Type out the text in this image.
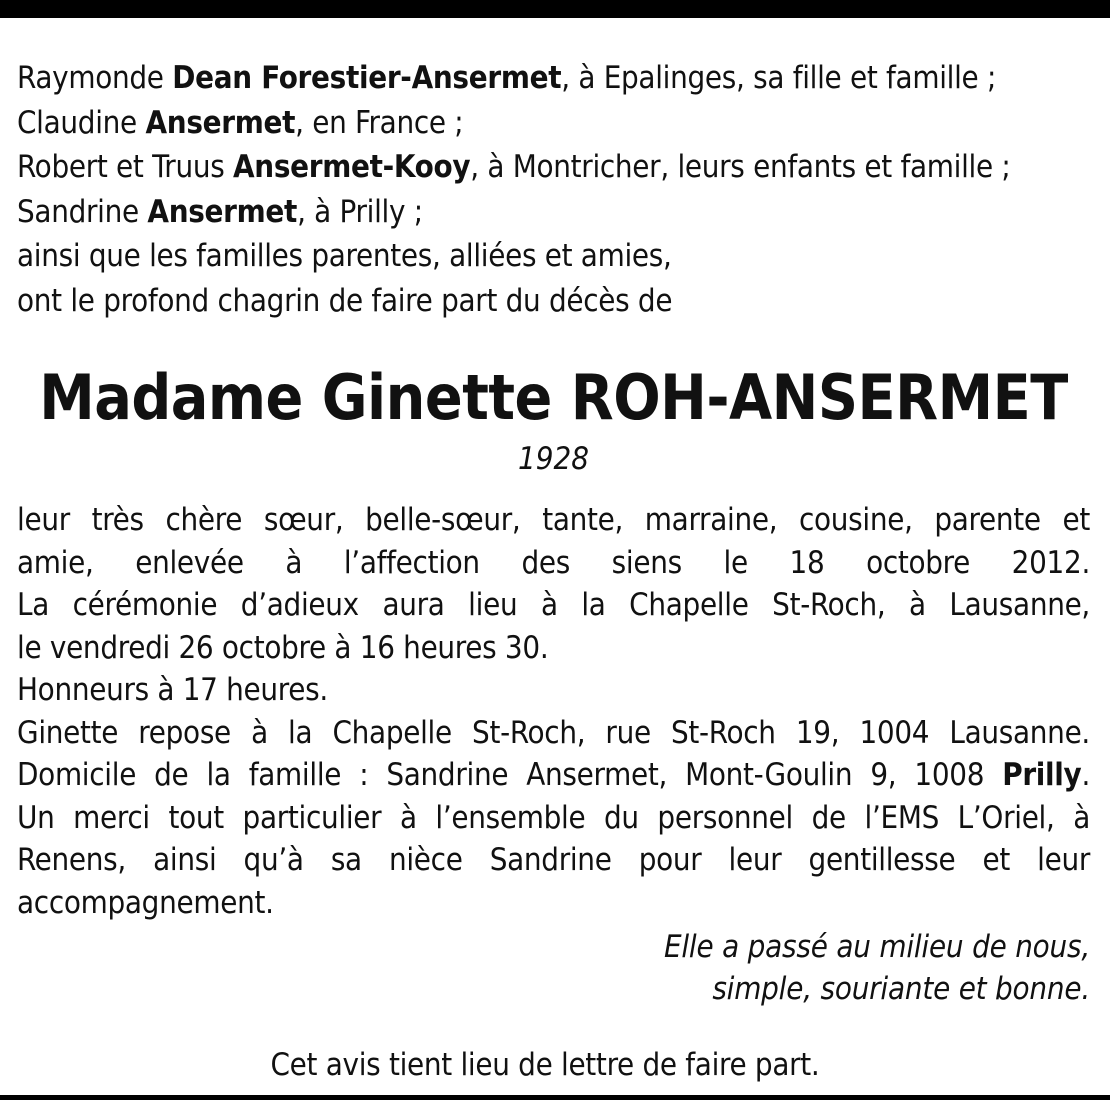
Raymonde Dean Forestier-Ansermet, à Epalinges, sa fille et famille ;
Claudine Ansermet, en France ;
Robert et Truus Ansermet-Kooy, à Montricher, leurs enfants et famille ;
Sandrine Ansermet, à Prilly ;
ainsi que les familles parentes, alliées et amies,
ont le profond chagrin de faire part du décès de
Madame Ginette ROH-ANSERMET
1928
leur très chère sœur, belle-sœur, tante, marraine, cousine, parente et
amie, enlevée à l’affection des siens le 18 octobre 2012.
La cérémonie d’adieux aura lieu à la Chapelle St-Roch, à Lausanne,
le vendredi 26 octobre à 16 heures 30.
Honneurs à 17 heures.
Ginette repose à la Chapelle St-Roch, rue St-Roch 19, 1004 Lausanne.
Domicile de la famille : Sandrine Ansermet, Mont-Goulin 9, 1008 Prilly.
Un merci tout particulier à l’ensemble du personnel de l’EMS L’Oriel, à
Renens, ainsi qu’à sa nièce Sandrine pour leur gentillesse et leur
accompagnement.
Elle a passé au milieu de nous,
simple, souriante et bonne.
Cet avis tient lieu de lettre de faire part.
